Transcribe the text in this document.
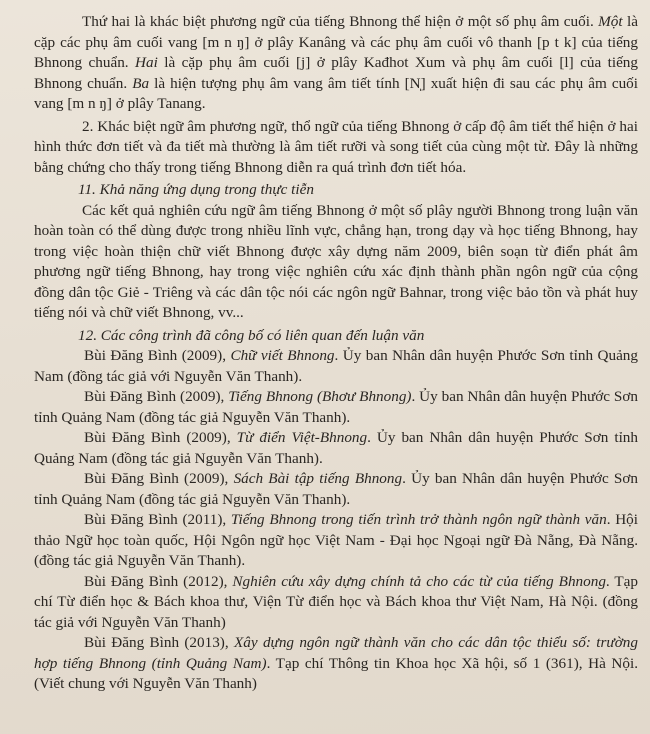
Thứ hai là khác biệt phương ngữ của tiếng Bhnong thể hiện ở một số phụ âm cuối. Một là cặp các phụ âm cuối vang [m n ŋ] ở plây Kanâng và các phụ âm cuối vô thanh [p t k] của tiếng Bhnong chuẩn. Hai là cặp phụ âm cuối [j] ở plây Kađhot Xum và phụ âm cuối [l] của tiếng Bhnong chuẩn. Ba là hiện tượng phụ âm vang âm tiết tính [N̩] xuất hiện đi sau các phụ âm cuối vang [m n ŋ] ở plây Tanang.

2. Khác biệt ngữ âm phương ngữ, thổ ngữ của tiếng Bhnong ở cấp độ âm tiết thể hiện ở hai hình thức đơn tiết và đa tiết mà thường là âm tiết rưỡi và song tiết của cùng một từ. Đây là những bằng chứng cho thấy trong tiếng Bhnong diễn ra quá trình đơn tiết hóa.

11. Khả năng ứng dụng trong thực tiễn

Các kết quả nghiên cứu ngữ âm tiếng Bhnong ở một số plây người Bhnong trong luận văn hoàn toàn có thể dùng được trong nhiều lĩnh vực, chẳng hạn, trong dạy và học tiếng Bhnong, hay trong việc hoàn thiện chữ viết Bhnong được xây dựng năm 2009, biên soạn từ điển phát âm phương ngữ tiếng Bhnong, hay trong việc nghiên cứu xác định thành phần ngôn ngữ của cộng đồng dân tộc Giẻ - Triêng và các dân tộc nói các ngôn ngữ Bahnar, trong việc bảo tồn và phát huy tiếng nói và chữ viết Bhnong, vv...

12. Các công trình đã công bố có liên quan đến luận văn

Bùi Đăng Bình (2009), Chữ viết Bhnong. Ủy ban Nhân dân huyện Phước Sơn tỉnh Quảng Nam (đồng tác giả với Nguyễn Văn Thanh).

Bùi Đăng Bình (2009), Tiếng Bhnong (Bhơư Bhnong). Ủy ban Nhân dân huyện Phước Sơn tỉnh Quảng Nam (đồng tác giả Nguyễn Văn Thanh).

Bùi Đăng Bình (2009), Từ điển Việt-Bhnong. Ủy ban Nhân dân huyện Phước Sơn tỉnh Quảng Nam (đồng tác giả Nguyễn Văn Thanh).

Bùi Đăng Bình (2009), Sách Bài tập tiếng Bhnong. Ủy ban Nhân dân huyện Phước Sơn tỉnh Quảng Nam (đồng tác giả Nguyễn Văn Thanh).

Bùi Đăng Bình (2011), Tiếng Bhnong trong tiến trình trở thành ngôn ngữ thành văn. Hội thảo Ngữ học toàn quốc, Hội Ngôn ngữ học Việt Nam - Đại học Ngoại ngữ Đà Nẵng, Đà Nẵng. (đồng tác giả Nguyễn Văn Thanh).

Bùi Đăng Bình (2012), Nghiên cứu xây dựng chính tả cho các từ của tiếng Bhnong. Tạp chí Từ điển học & Bách khoa thư, Viện Từ điển học và Bách khoa thư Việt Nam, Hà Nội. (đồng tác giả với Nguyễn Văn Thanh)

Bùi Đăng Bình (2013), Xây dựng ngôn ngữ thành văn cho các dân tộc thiểu số: trường hợp tiếng Bhnong (tỉnh Quảng Nam). Tạp chí Thông tin Khoa học Xã hội, số 1 (361), Hà Nội. (Viết chung với Nguyễn Văn Thanh)
